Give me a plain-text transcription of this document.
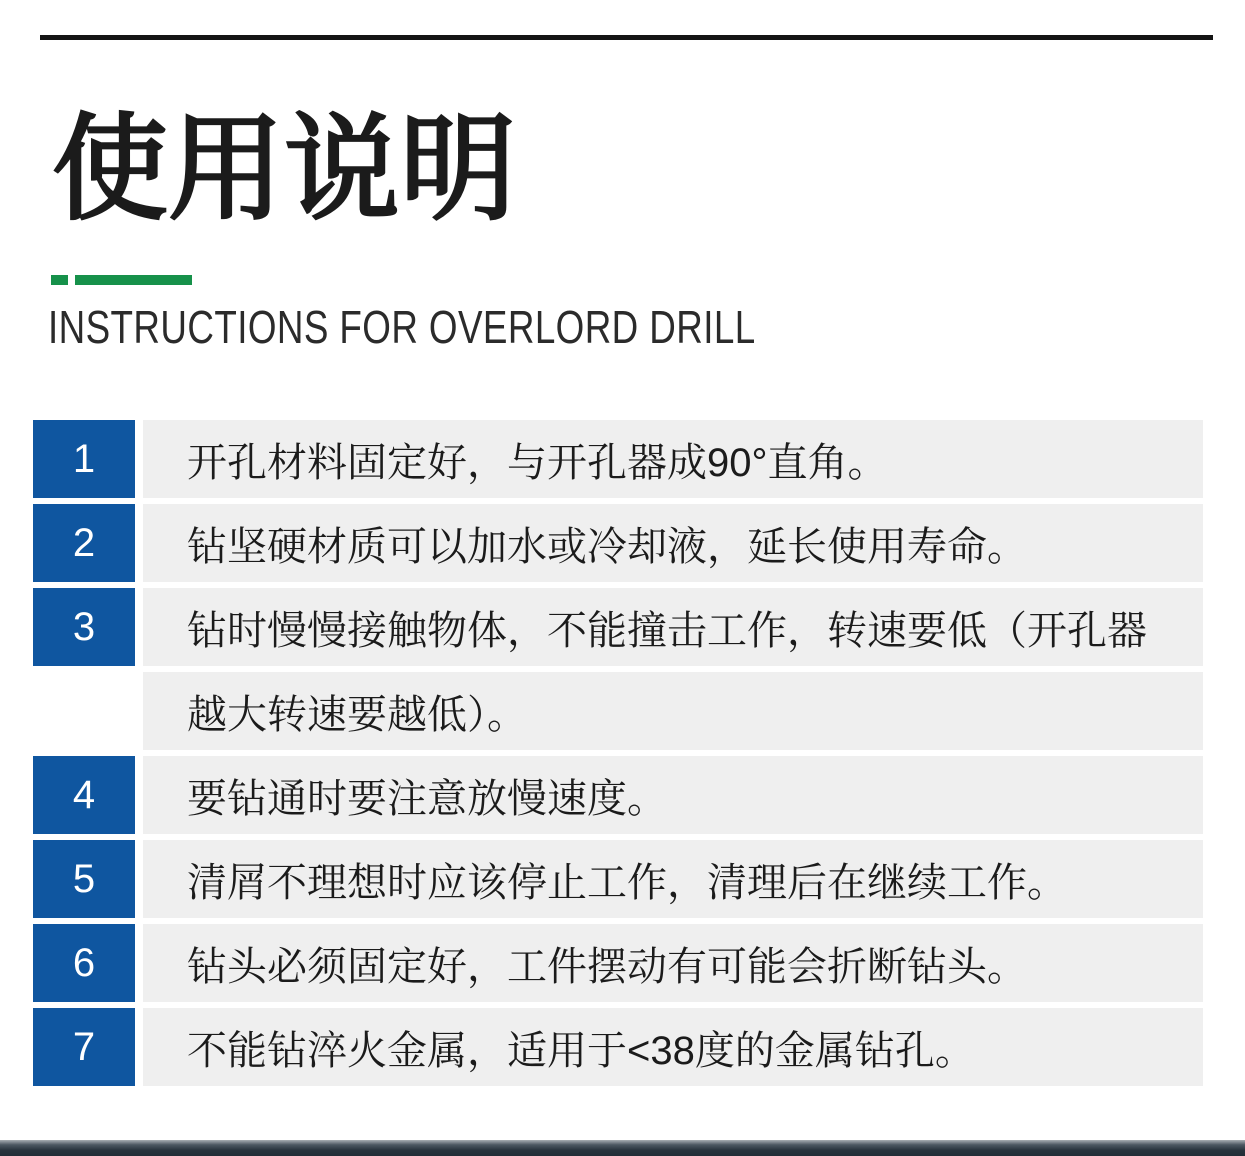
使用说明
INSTRUCTIONS FOR OVERLORD DRILL
1	开孔材料固定好，与开孔器成90°直角。
2	钻坚硬材质可以加水或冷却液，延长使用寿命。
3	钻时慢慢接触物体，不能撞击工作，转速要低（开孔器
越大转速要越低）。
4	要钻通时要注意放慢速度。
5	清屑不理想时应该停止工作，清理后在继续工作。
6	钻头必须固定好，工件摆动有可能会折断钻头。
7	不能钻淬火金属，适用于<38度的金属钻孔。
